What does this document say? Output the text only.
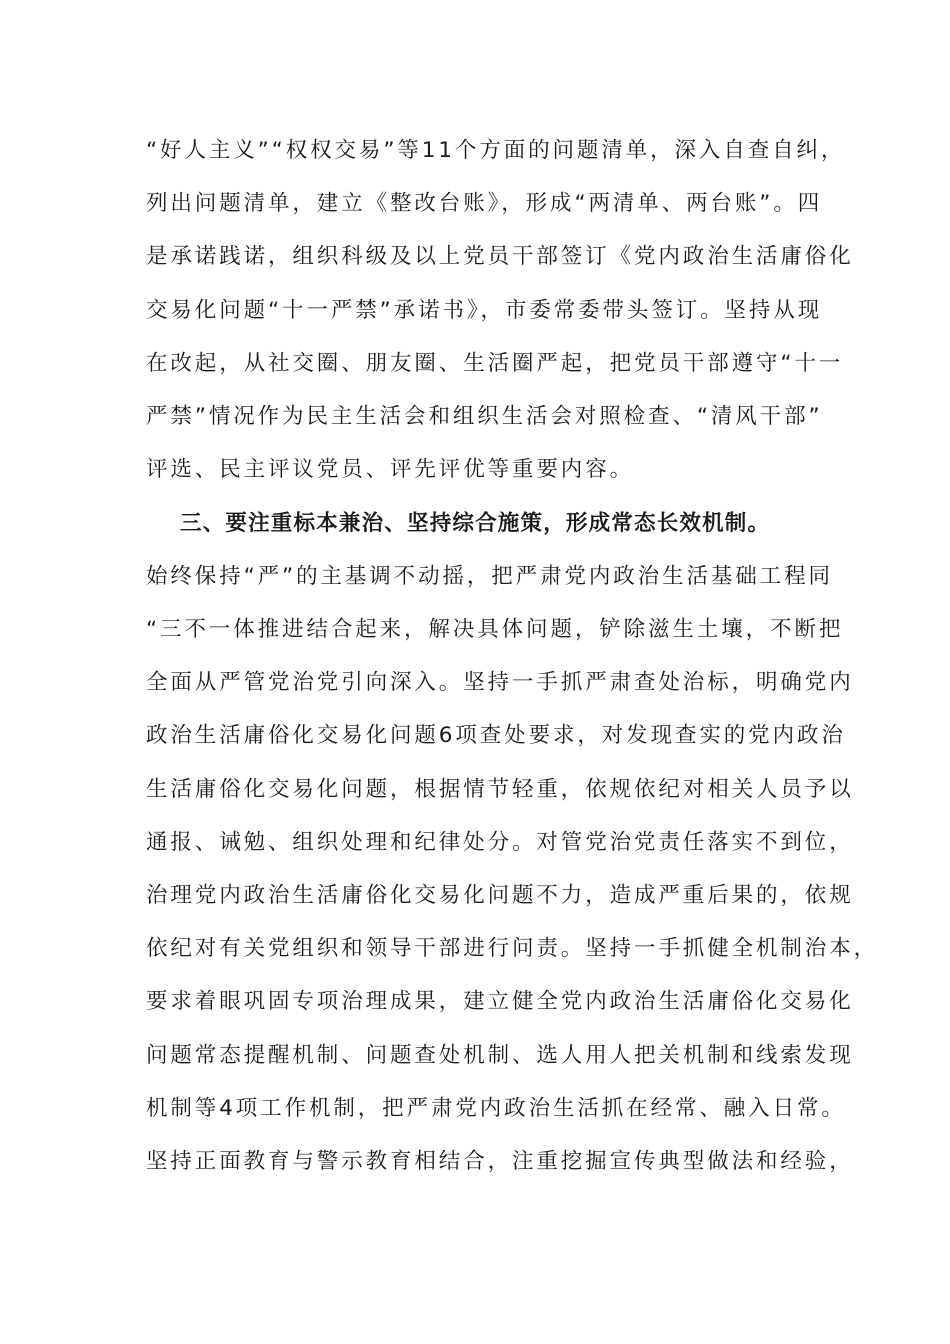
“好人主义”“权权交易”等11个方面的问题清单，深入自查自纠，

列出问题清单，建立《整改台账》，形成“两清单、两台账”。四

是承诺践诺，组织科级及以上党员干部签订《党内政治生活庸俗化

交易化问题“十一严禁”承诺书》，市委常委带头签订。坚持从现

在改起，从社交圈、朋友圈、生活圈严起，把党员干部遵守“十一

严禁”情况作为民主生活会和组织生活会对照检查、“清风干部”

评选、民主评议党员、评先评优等重要内容。

三、要注重标本兼治、坚持综合施策，形成常态长效机制。

始终保持“严”的主基调不动摇，把严肃党内政治生活基础工程同

“三不一体推进结合起来，解决具体问题，铲除滋生土壤，不断把

全面从严管党治党引向深入。坚持一手抓严肃查处治标，明确党内

政治生活庸俗化交易化问题6项查处要求，对发现查实的党内政治

生活庸俗化交易化问题，根据情节轻重，依规依纪对相关人员予以

通报、诫勉、组织处理和纪律处分。对管党治党责任落实不到位，

治理党内政治生活庸俗化交易化问题不力，造成严重后果的，依规

依纪对有关党组织和领导干部进行问责。坚持一手抓健全机制治本，

要求着眼巩固专项治理成果，建立健全党内政治生活庸俗化交易化

问题常态提醒机制、问题查处机制、选人用人把关机制和线索发现

机制等4项工作机制，把严肃党内政治生活抓在经常、融入日常。

坚持正面教育与警示教育相结合，注重挖掘宣传典型做法和经验，
